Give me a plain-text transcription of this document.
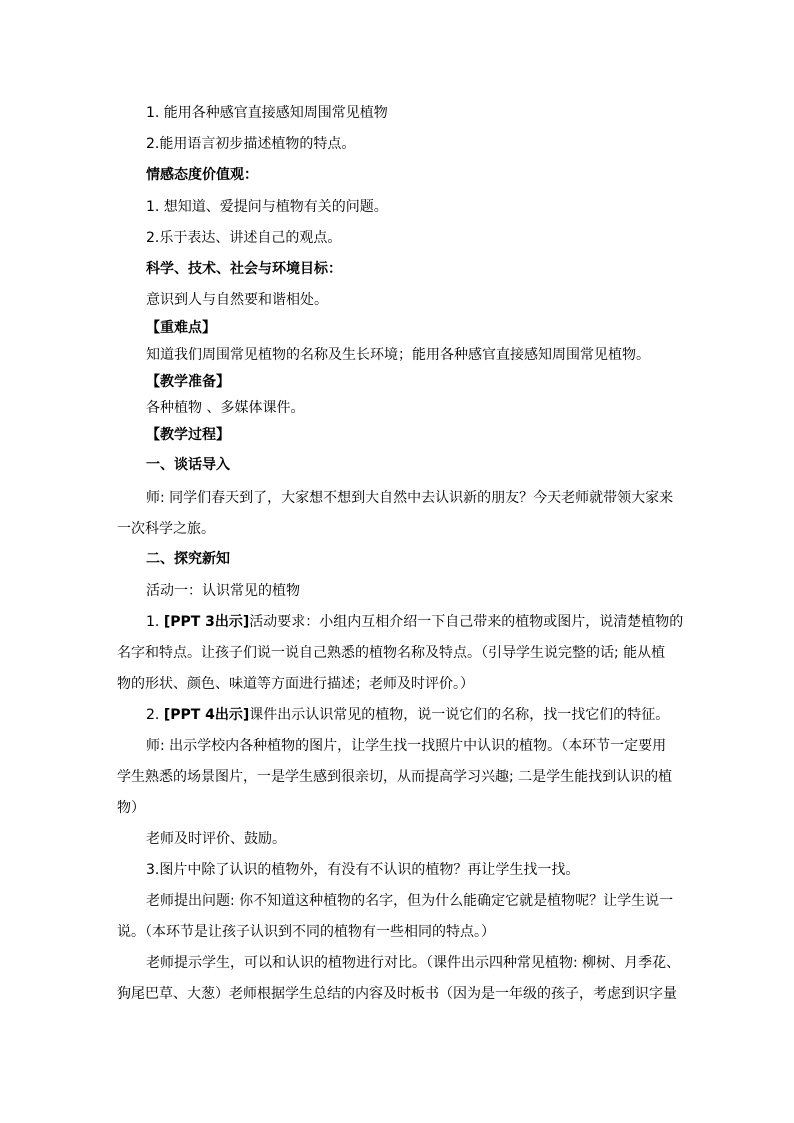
1. 能用各种感官直接感知周围常见植物
2.能用语言初步描述植物的特点。
情感态度价值观：
1. 想知道、爱提问与植物有关的问题。
2.乐于表达、讲述自己的观点。
科学、技术、社会与环境目标：
意识到人与自然要和谐相处。
【重难点】
知道我们周围常见植物的名称及生长环境；能用各种感官直接感知周围常见植物。
【教学准备】
各种植物 、多媒体课件。
【教学过程】
一、谈话导入
师: 同学们春天到了，大家想不想到大自然中去认识新的朋友？今天老师就带领大家来
一次科学之旅。
二、探究新知
活动一：认识常见的植物
1. [PPT 3出示]活动要求：小组内互相介绍一下自己带来的植物或图片，说清楚植物的
名字和特点。让孩子们说一说自己熟悉的植物名称及特点。（引导学生说完整的话; 能从植
物的形状、颜色、味道等方面进行描述；老师及时评价。）
2. [PPT 4出示]课件出示认识常见的植物，说一说它们的名称，找一找它们的特征。
师: 出示学校内各种植物的图片，让学生找一找照片中认识的植物。（本环节一定要用
学生熟悉的场景图片，一是学生感到很亲切，从而提高学习兴趣; 二是学生能找到认识的植
物）
老师及时评价、鼓励。
3.图片中除了认识的植物外，有没有不认识的植物？再让学生找一找。
老师提出问题: 你不知道这种植物的名字，但为什么能确定它就是植物呢？让学生说一
说。（本环节是让孩子认识到不同的植物有一些相同的特点。）
老师提示学生，可以和认识的植物进行对比。（课件出示四种常见植物: 柳树、月季花、
狗尾巴草、大葱）老师根据学生总结的内容及时板书（因为是一年级的孩子，考虑到识字量
